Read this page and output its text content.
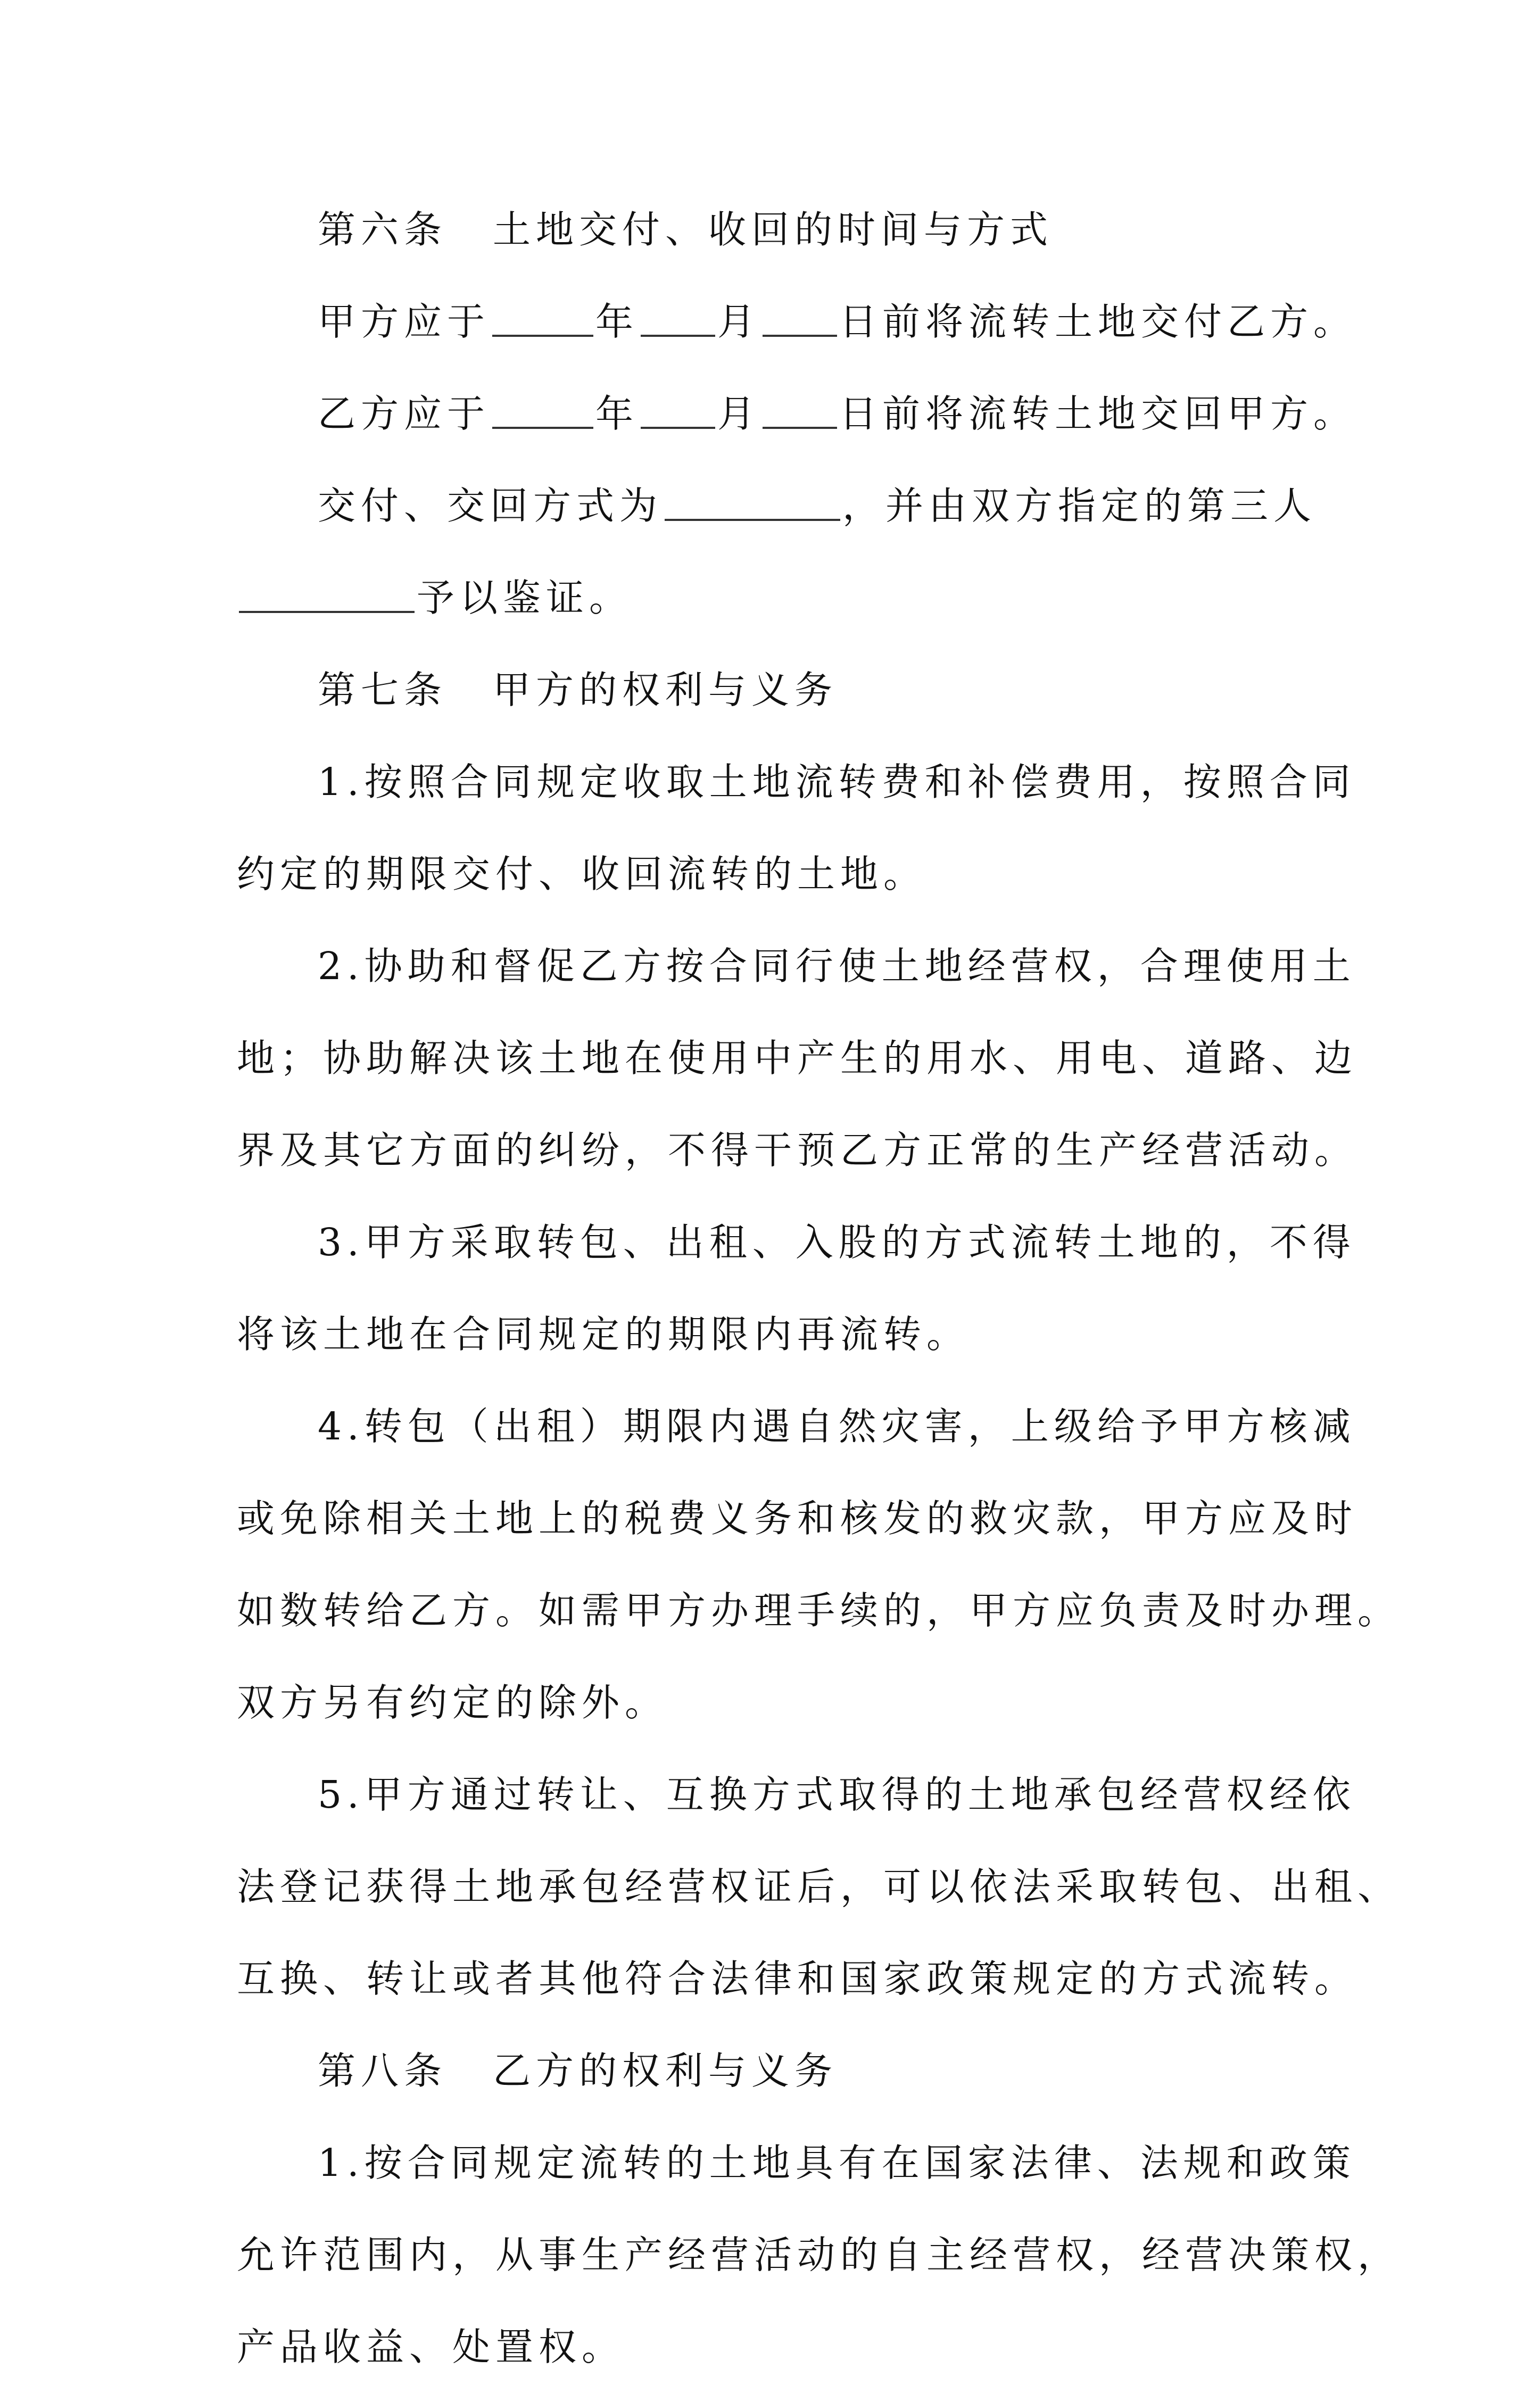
第六条 土地交付、收回的时间与方式
甲方应于	年 月 日前将流转土地交付乙方。
乙方应于	年 月 日前将流转土地交回甲方。
交付、交回方式为	，并由双方指定的第三人
予以鉴证。
第七条 甲方的权利与义务
1.按照合同规定收取土地流转费和补偿费用，按照合同
约定的期限交付、收回流转的土地。
2.协助和督促乙方按合同行使土地经营权，合理使用土
地；协助解决该土地在使用中产生的用水、用电、道路、边
界及其它方面的纠纷，不得干预乙方正常的生产经营活动。
3.甲方采取转包、出租、入股的方式流转土地的，不得
将该土地在合同规定的期限内再流转。
4.转包（出租）期限内遇自然灾害，上级给予甲方核减
或免除相关土地上的税费义务和核发的救灾款，甲方应及时
如数转给乙方。如需甲方办理手续的，甲方应负责及时办理。
双方另有约定的除外。
5.甲方通过转让、互换方式取得的土地承包经营权经依
法登记获得土地承包经营权证后，可以依法采取转包、出租、
互换、转让或者其他符合法律和国家政策规定的方式流转。
第八条 乙方的权利与义务
1.按合同规定流转的土地具有在国家法律、法规和政策
允许范围内，从事生产经营活动的自主经营权，经营决策权，
产品收益、处置权。
